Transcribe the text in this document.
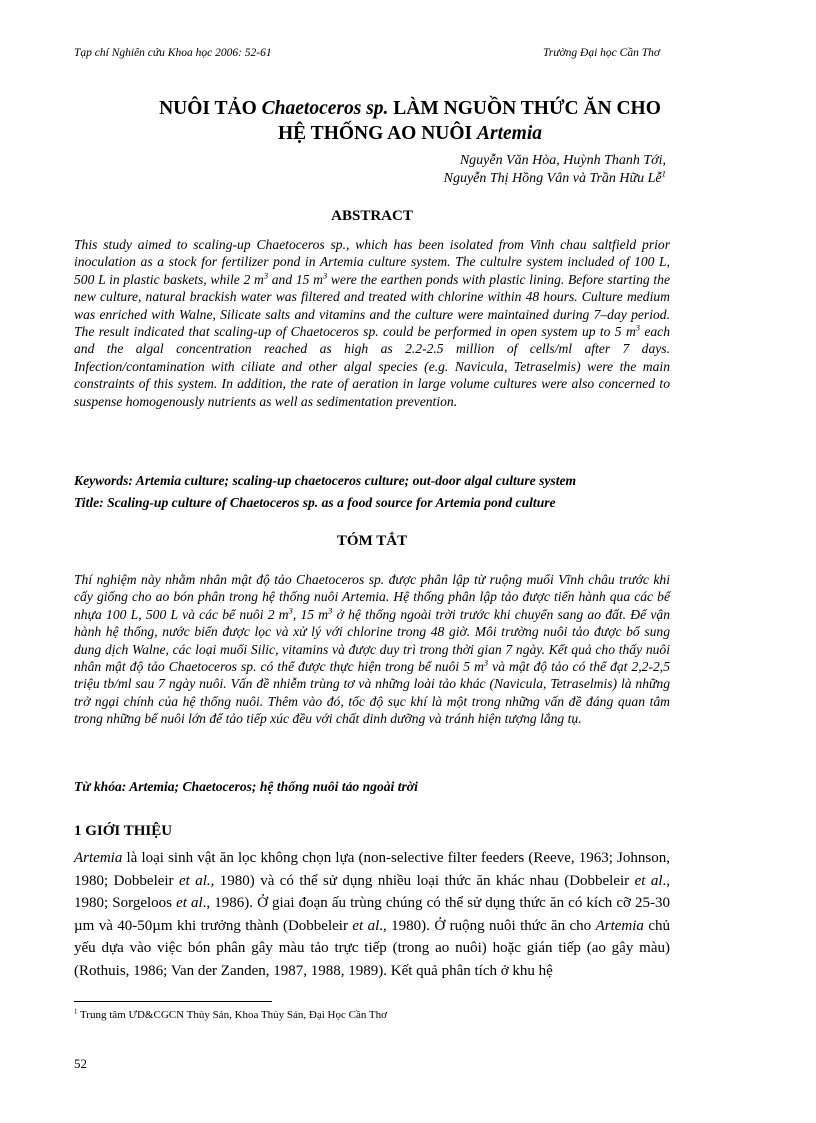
Tạp chí Nghiên cứu Khoa học 2006: 52-61	Trường Đại học Cần Thơ
NUÔI TẢO Chaetoceros sp. LÀM NGUỒN THỨC ĂN CHO
HỆ THỐNG AO NUÔI Artemia
Nguyễn Văn Hòa, Huỳnh Thanh Tới,
Nguyễn Thị Hồng Vân và Trần Hữu Lễ$^1$
ABSTRACT

This study aimed to scaling-up Chaetoceros sp., which has been isolated from Vinh chau saltfield prior inoculation as a stock for fertilizer pond in Artemia culture system. The cultulre system included of 100 L, 500 L in plastic baskets, while 2 $m^3$ and 15 $m^3$ were the earthen ponds with plastic lining. Before starting the new culture, natural brackish water was filtered and treated with chlorine within 48 hours. Culture medium was enriched with Walne, Silicate salts and vitamins and the culture were maintained during 7–day period. The result indicated that scaling-up of Chaetoceros sp. could be performed in open system up to 5 $m^3$ each and the algal concentration reached as high as 2.2-2.5 million of cells/ml after 7 days. Infection/contamination with ciliate and other algal species (e.g. Navicula, Tetraselmis) were the main constraints of this system. In addition, the rate of aeration in large volume cultures were also concerned to suspense homogenously nutrients as well as sedimentation prevention.

Keywords: Artemia culture; scaling-up chaetoceros culture; out-door algal culture system

Title: Scaling-up culture of Chaetoceros sp. as a food source for Artemia pond culture

TÓM TẮT

Thí nghiệm này nhằm nhân mật độ tảo Chaetoceros sp. được phân lập từ ruộng muối Vĩnh châu trước khi cấy giống cho ao bón phân trong hệ thống nuôi Artemia. Hệ thống phân lập tảo được tiến hành qua các bể nhựa 100 L, 500 L và các bể nuôi 2 $m^3$, 15 $m^3$ ở hệ thống ngoài trời trước khi chuyển sang ao đất. Để vận hành hệ thống, nước biển được lọc và xử lý với chlorine trong 48 giờ. Môi trường nuôi tảo được bổ sung dung dịch Walne, các loại muối Silic, vitamins và được duy trì trong thời gian 7 ngày. Kết quả cho thấy nuôi nhân mật độ tảo Chaetoceros sp. có thể được thực hiện trong bể nuôi 5 $m^3$ và mật độ tảo có thể đạt 2,2-2,5 triệu tb/ml sau 7 ngày nuôi. Vấn đề nhiễm trùng tơ và những loài tảo khác (Navicula, Tetraselmis) là những trở ngại chính của hệ thống nuôi. Thêm vào đó, tốc độ sục khí là một trong những vấn đề đáng quan tâm trong những bể nuôi lớn để tảo tiếp xúc đều với chất dinh dưỡng và tránh hiện tượng lắng tụ.

Từ khóa: Artemia; Chaetoceros; hệ thống nuôi tảo ngoài trời

1 GIỚI THIỆU

Artemia là loại sinh vật ăn lọc không chọn lựa (non-selective filter feeders (Reeve, 1963; Johnson, 1980; Dobbeleir et al., 1980) và có thể sử dụng nhiều loại thức ăn khác nhau (Dobbeleir et al., 1980; Sorgeloos et al., 1986). Ở giai đoạn ấu trùng chúng có thể sử dụng thức ăn có kích cỡ 25-30 µm và 40-50µm khi trưởng thành (Dobbeleir et al., 1980). Ở ruộng nuôi thức ăn cho Artemia chủ yếu dựa vào việc bón phân gây màu tảo trực tiếp (trong ao nuôi) hoặc gián tiếp (ao gây màu) (Rothuis, 1986; Van der Zanden, 1987, 1988, 1989). Kết quả phân tích ở khu hệ

$^1$ Trung tâm ƯD&CGCN Thủy Sản, Khoa Thủy Sản, Đại Học Cần Thơ
52
